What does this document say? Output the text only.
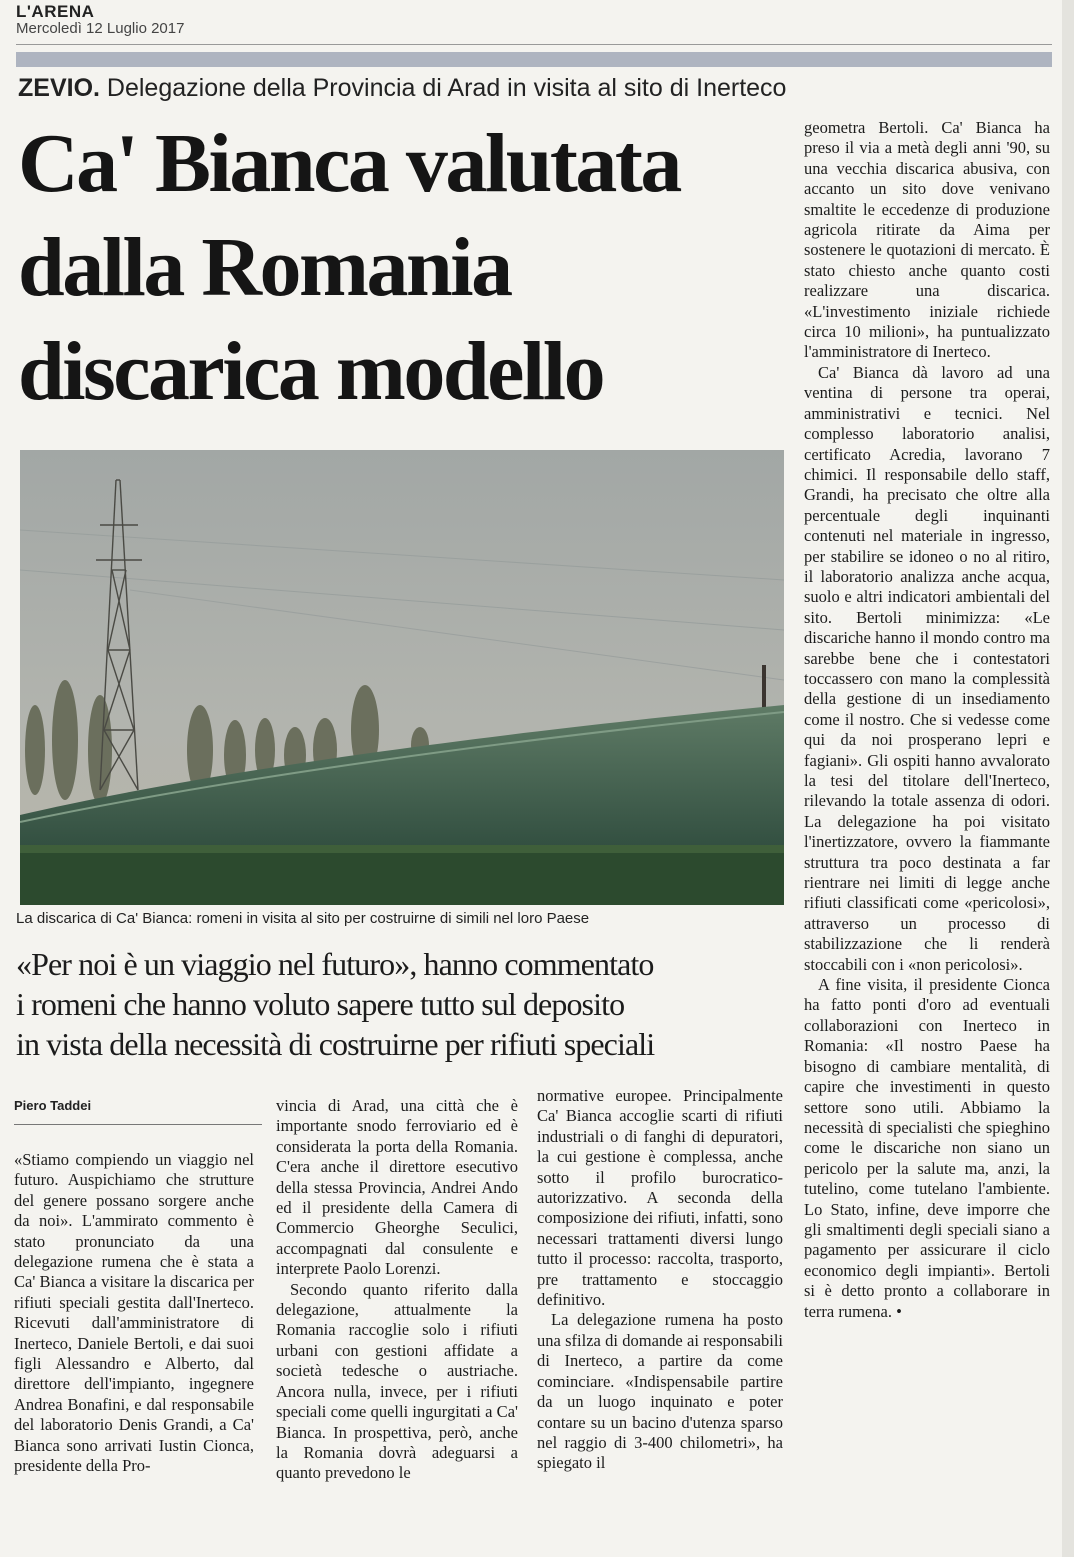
L'ARENA
Mercoledì 12 Luglio 2017
ZEVIO. Delegazione della Provincia di Arad in visita al sito di Inerteco
Ca' Bianca valutata
dalla Romania
discarica modello
La discarica di Ca' Bianca: romeni in visita al sito per costruirne di simili nel loro Paese
«Per noi è un viaggio nel futuro», hanno commentato
i romeni che hanno voluto sapere tutto sul deposito
in vista della necessità di costruirne per rifiuti speciali
Piero Taddei

«Stiamo compiendo un viaggio nel futuro. Auspichiamo che strutture del genere possano sorgere anche da noi». L'ammirato commento è stato pronunciato da una delegazione rumena che è stata a Ca' Bianca a visitare la discarica per rifiuti speciali gestita dall'Inerteco. Ricevuti dall'amministratore di Inerteco, Daniele Bertoli, e dai suoi figli Alessandro e Alberto, dal direttore dell'impianto, ingegnere Andrea Bonafini, e dal responsabile del laboratorio Denis Grandi, a Ca' Bianca sono arrivati Iustin Cionca, presidente della Pro-

vincia di Arad, una città che è importante snodo ferroviario ed è considerata la porta della Romania. C'era anche il direttore esecutivo della stessa Provincia, Andrei Ando ed il presidente della Camera di Commercio Gheorghe Seculici, accompagnati dal consulente e interprete Paolo Lorenzi.

Secondo quanto riferito dalla delegazione, attualmente la Romania raccoglie solo i rifiuti urbani con gestioni affidate a società tedesche o austriache. Ancora nulla, invece, per i rifiuti speciali come quelli ingurgitati a Ca' Bianca. In prospettiva, però, anche la Romania dovrà adeguarsi a quanto prevedono le

normative europee. Principalmente Ca' Bianca accoglie scarti di rifiuti industriali o di fanghi di depuratori, la cui gestione è complessa, anche sotto il profilo burocratico-autorizzativo. A seconda della composizione dei rifiuti, infatti, sono necessari trattamenti diversi lungo tutto il processo: raccolta, trasporto, pre trattamento e stoccaggio definitivo.

La delegazione rumena ha posto una sfilza di domande ai responsabili di Inerteco, a partire da come cominciare. «Indispensabile partire da un luogo inquinato e poter contare su un bacino d'utenza sparso nel raggio di 3-400 chilometri», ha spiegato il

geometra Bertoli. Ca' Bianca ha preso il via a metà degli anni '90, su una vecchia discarica abusiva, con accanto un sito dove venivano smaltite le eccedenze di produzione agricola ritirate da Aima per sostenere le quotazioni di mercato. È stato chiesto anche quanto costi realizzare una discarica. «L'investimento iniziale richiede circa 10 milioni», ha puntualizzato l'amministratore di Inerteco.

Ca' Bianca dà lavoro ad una ventina di persone tra operai, amministrativi e tecnici. Nel complesso laboratorio analisi, certificato Acredia, lavorano 7 chimici. Il responsabile dello staff, Grandi, ha precisato che oltre alla percentuale degli inquinanti contenuti nel materiale in ingresso, per stabilire se idoneo o no al ritiro, il laboratorio analizza anche acqua, suolo e altri indicatori ambientali del sito. Bertoli minimizza: «Le discariche hanno il mondo contro ma sarebbe bene che i contestatori toccassero con mano la complessità della gestione di un insediamento come il nostro. Che si vedesse come qui da noi prosperano lepri e fagiani». Gli ospiti hanno avvalorato la tesi del titolare dell'Inerteco, rilevando la totale assenza di odori. La delegazione ha poi visitato l'inertizzatore, ovvero la fiammante struttura tra poco destinata a far rientrare nei limiti di legge anche rifiuti classificati come «pericolosi», attraverso un processo di stabilizzazione che li renderà stoccabili con i «non pericolosi».

A fine visita, il presidente Cionca ha fatto ponti d'oro ad eventuali collaborazioni con Inerteco in Romania: «Il nostro Paese ha bisogno di cambiare mentalità, di capire che investimenti in questo settore sono utili. Abbiamo la necessità di specialisti che spieghino come le discariche non siano un pericolo per la salute ma, anzi, la tutelino, come tutelano l'ambiente. Lo Stato, infine, deve imporre che gli smaltimenti degli speciali siano a pagamento per assicurare il ciclo economico degli impianti». Bertoli si è detto pronto a collaborare in terra rumena. •
